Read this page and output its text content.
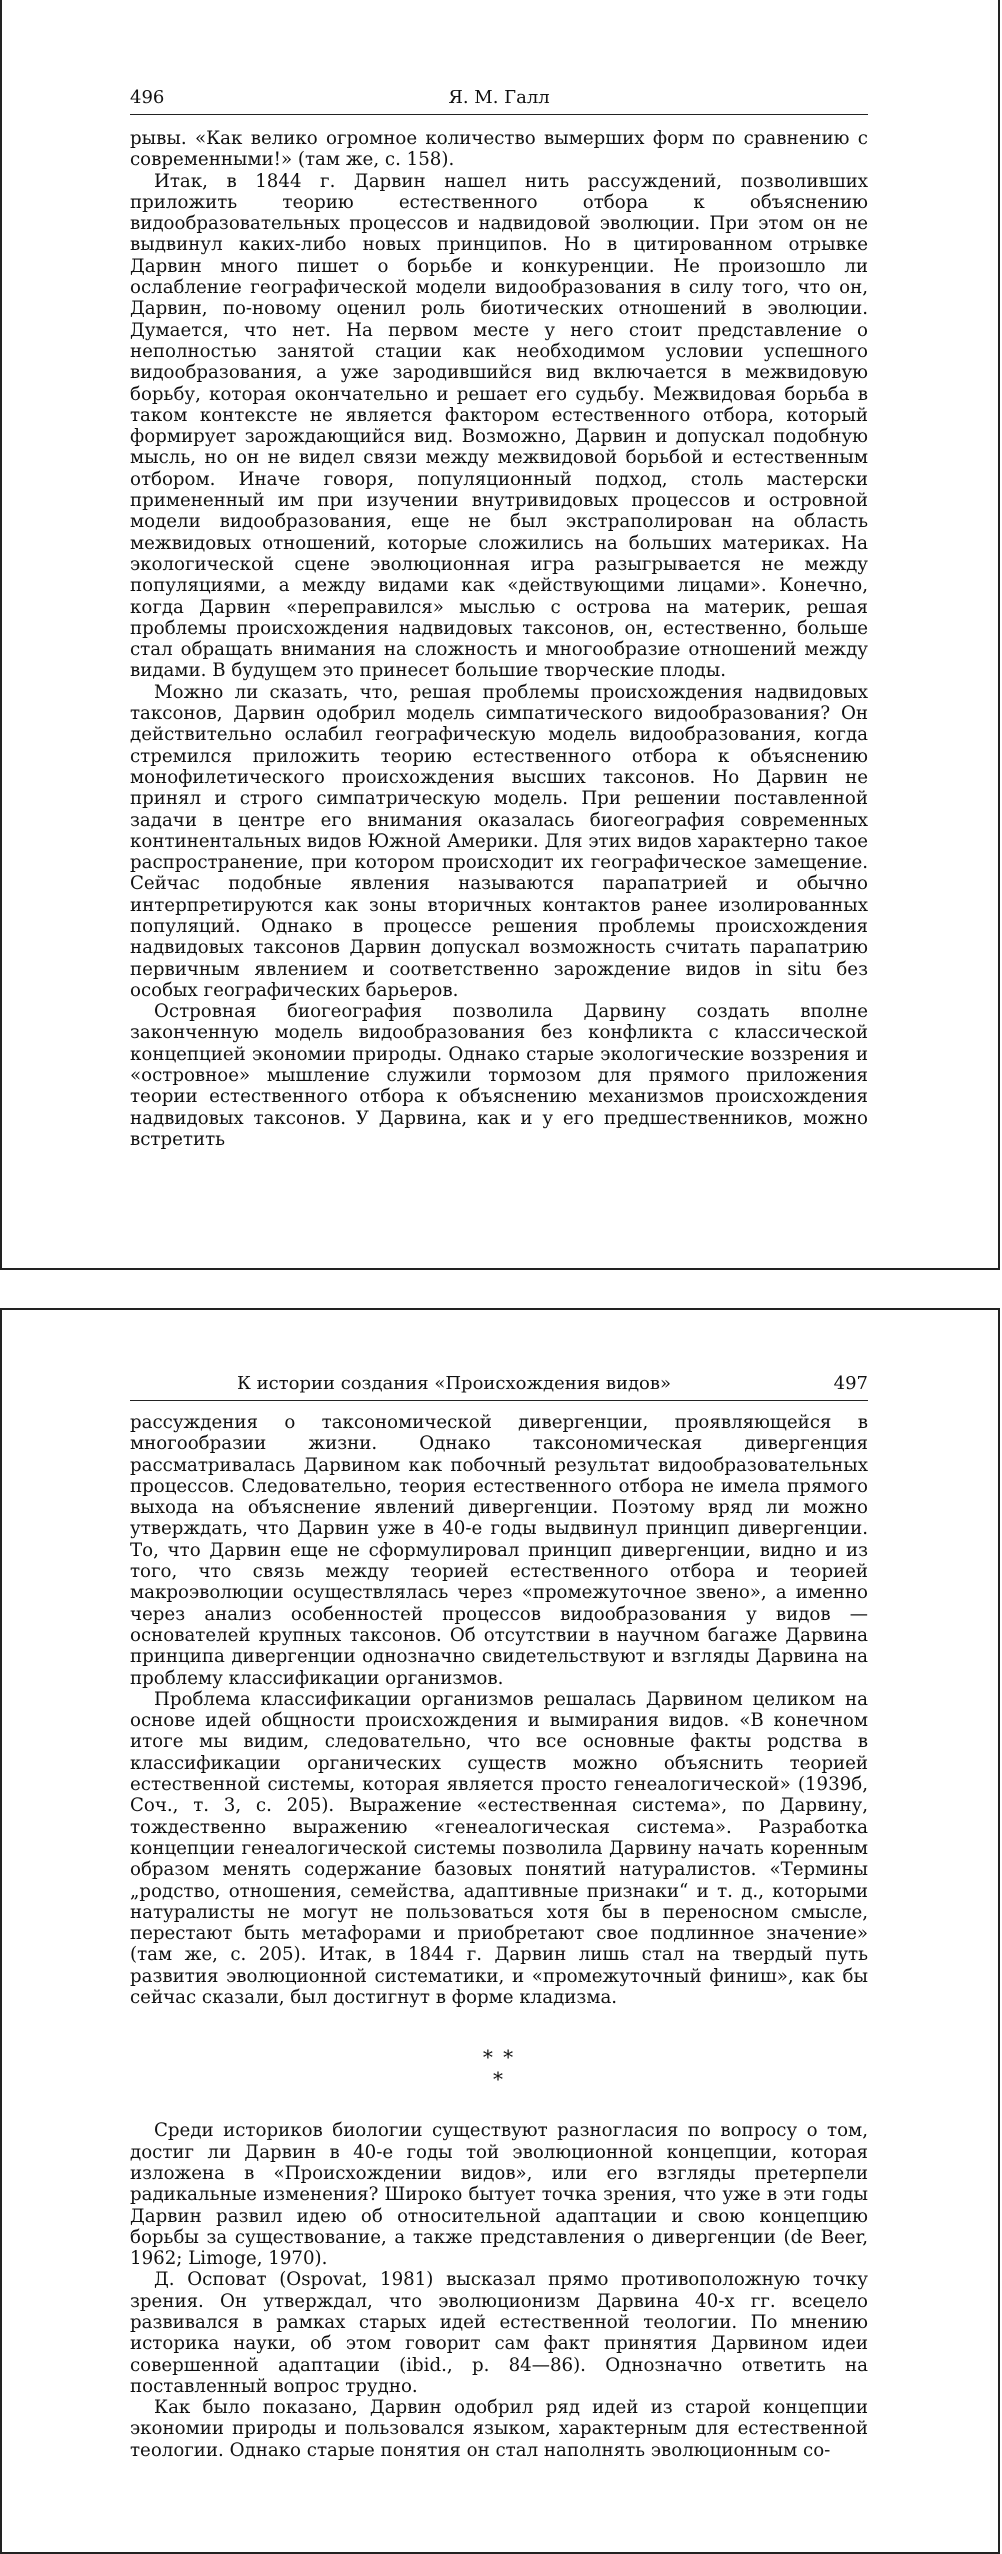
496	Я. М. Галл

рывы. «Как велико огромное количество вымерших форм по сравнению с современными!» (там же, с. 158).

Итак, в 1844 г. Дарвин нашел нить рассуждений, позволивших приложить теорию естественного отбора к объяснению видообразовательных процессов и надвидовой эволюции. При этом он не выдвинул каких-либо новых принципов. Но в цитированном отрывке Дарвин много пишет о борьбе и конкуренции. Не произошло ли ослабление географической модели видообразования в силу того, что он, Дарвин, по-новому оценил роль биотических отношений в эволюции. Думается, что нет. На первом месте у него стоит представление о неполностью занятой стации как необходимом условии успешного видообразования, а уже зародившийся вид включается в межвидовую борьбу, которая окончательно и решает его судьбу. Межвидовая борьба в таком контексте не является фактором естественного отбора, который формирует зарождающийся вид. Возможно, Дарвин и допускал подобную мысль, но он не видел связи между межвидовой борьбой и естественным отбором. Иначе говоря, популяционный подход, столь мастерски примененный им при изучении внутривидовых процессов и островной модели видообразования, еще не был экстраполирован на область межвидовых отношений, которые сложились на больших материках. На экологической сцене эволюционная игра разыгрывается не между популяциями, а между видами как «действующими лицами». Конечно, когда Дарвин «переправился» мыслью с острова на материк, решая проблемы происхождения надвидовых таксонов, он, естественно, больше стал обращать внимания на сложность и многообразие отношений между видами. В будущем это принесет большие творческие плоды.

Можно ли сказать, что, решая проблемы происхождения надвидовых таксонов, Дарвин одобрил модель симпатического видообразования? Он действительно ослабил географическую модель видообразования, когда стремился приложить теорию естественного отбора к объяснению монофилетического происхождения высших таксонов. Но Дарвин не принял и строго симпатрическую модель. При решении поставленной задачи в центре его внимания оказалась биогеография современных континентальных видов Южной Америки. Для этих видов характерно такое распространение, при котором происходит их географическое замещение. Сейчас подобные явления называются парапатрией и обычно интерпретируются как зоны вторичных контактов ранее изолированных популяций. Однако в процессе решения проблемы происхождения надвидовых таксонов Дарвин допускал возможность считать парапатрию первичным явлением и соответственно зарождение видов in situ без особых географических барьеров.

Островная биогеография позволила Дарвину создать вполне законченную модель видообразования без конфликта с классической концепцией экономии природы. Однако старые экологические воззрения и «островное» мышление служили тормозом для прямого приложения теории естественного отбора к объяснению механизмов происхождения надвидовых таксонов. У Дарвина, как и у его предшественников, можно встретить

К истории создания «Происхождения видов»	497

рассуждения о таксономической дивергенции, проявляющейся в многообразии жизни. Однако таксономическая дивергенция рассматривалась Дарвином как побочный результат видообразовательных процессов. Следовательно, теория естественного отбора не имела прямого выхода на объяснение явлений дивергенции. Поэтому вряд ли можно утверждать, что Дарвин уже в 40-е годы выдвинул принцип дивергенции. То, что Дарвин еще не сформулировал принцип дивергенции, видно и из того, что связь между теорией естественного отбора и теорией макроэволюции осуществлялась через «промежуточное звено», а именно через анализ особенностей процессов видообразования у видов — основателей крупных таксонов. Об отсутствии в научном багаже Дарвина принципа дивергенции однозначно свидетельствуют и взгляды Дарвина на проблему классификации организмов.

Проблема классификации организмов решалась Дарвином целиком на основе идей общности происхождения и вымирания видов. «В конечном итоге мы видим, следовательно, что все основные факты родства в классификации органических существ можно объяснить теорией естественной системы, которая является просто генеалогической» (1939б, Соч., т. 3, с. 205). Выражение «естественная система», по Дарвину, тождественно выражению «генеалогическая система». Разработка концепции генеалогической системы позволила Дарвину начать коренным образом менять содержание базовых понятий натуралистов. «Термины „родство, отношения, семейства, адаптивные признаки“ и т. д., которыми натуралисты не могут не пользоваться хотя бы в переносном смысле, перестают быть метафорами и приобретают свое подлинное значение» (там же, с. 205). Итак, в 1844 г. Дарвин лишь стал на твердый путь развития эволюционной систематики, и «промежуточный финиш», как бы сейчас сказали, был достигнут в форме кладизма.

* *
*

Среди историков биологии существуют разногласия по вопросу о том, достиг ли Дарвин в 40-е годы той эволюционной концепции, которая изложена в «Происхождении видов», или его взгляды претерпели радикальные изменения? Широко бытует точка зрения, что уже в эти годы Дарвин развил идею об относительной адаптации и свою концепцию борьбы за существование, а также представления о дивергенции (de Beer, 1962; Limoge, 1970).

Д. Осповат (Ospovat, 1981) высказал прямо противоположную точку зрения. Он утверждал, что эволюционизм Дарвина 40-х гг. всецело развивался в рамках старых идей естественной теологии. По мнению историка науки, об этом говорит сам факт принятия Дарвином идеи совершенной адаптации (ibid., p. 84—86). Однозначно ответить на поставленный вопрос трудно.

Как было показано, Дарвин одобрил ряд идей из старой концепции экономии природы и пользовался языком, характерным для естественной теологии. Однако старые понятия он стал наполнять эволюционным со-
